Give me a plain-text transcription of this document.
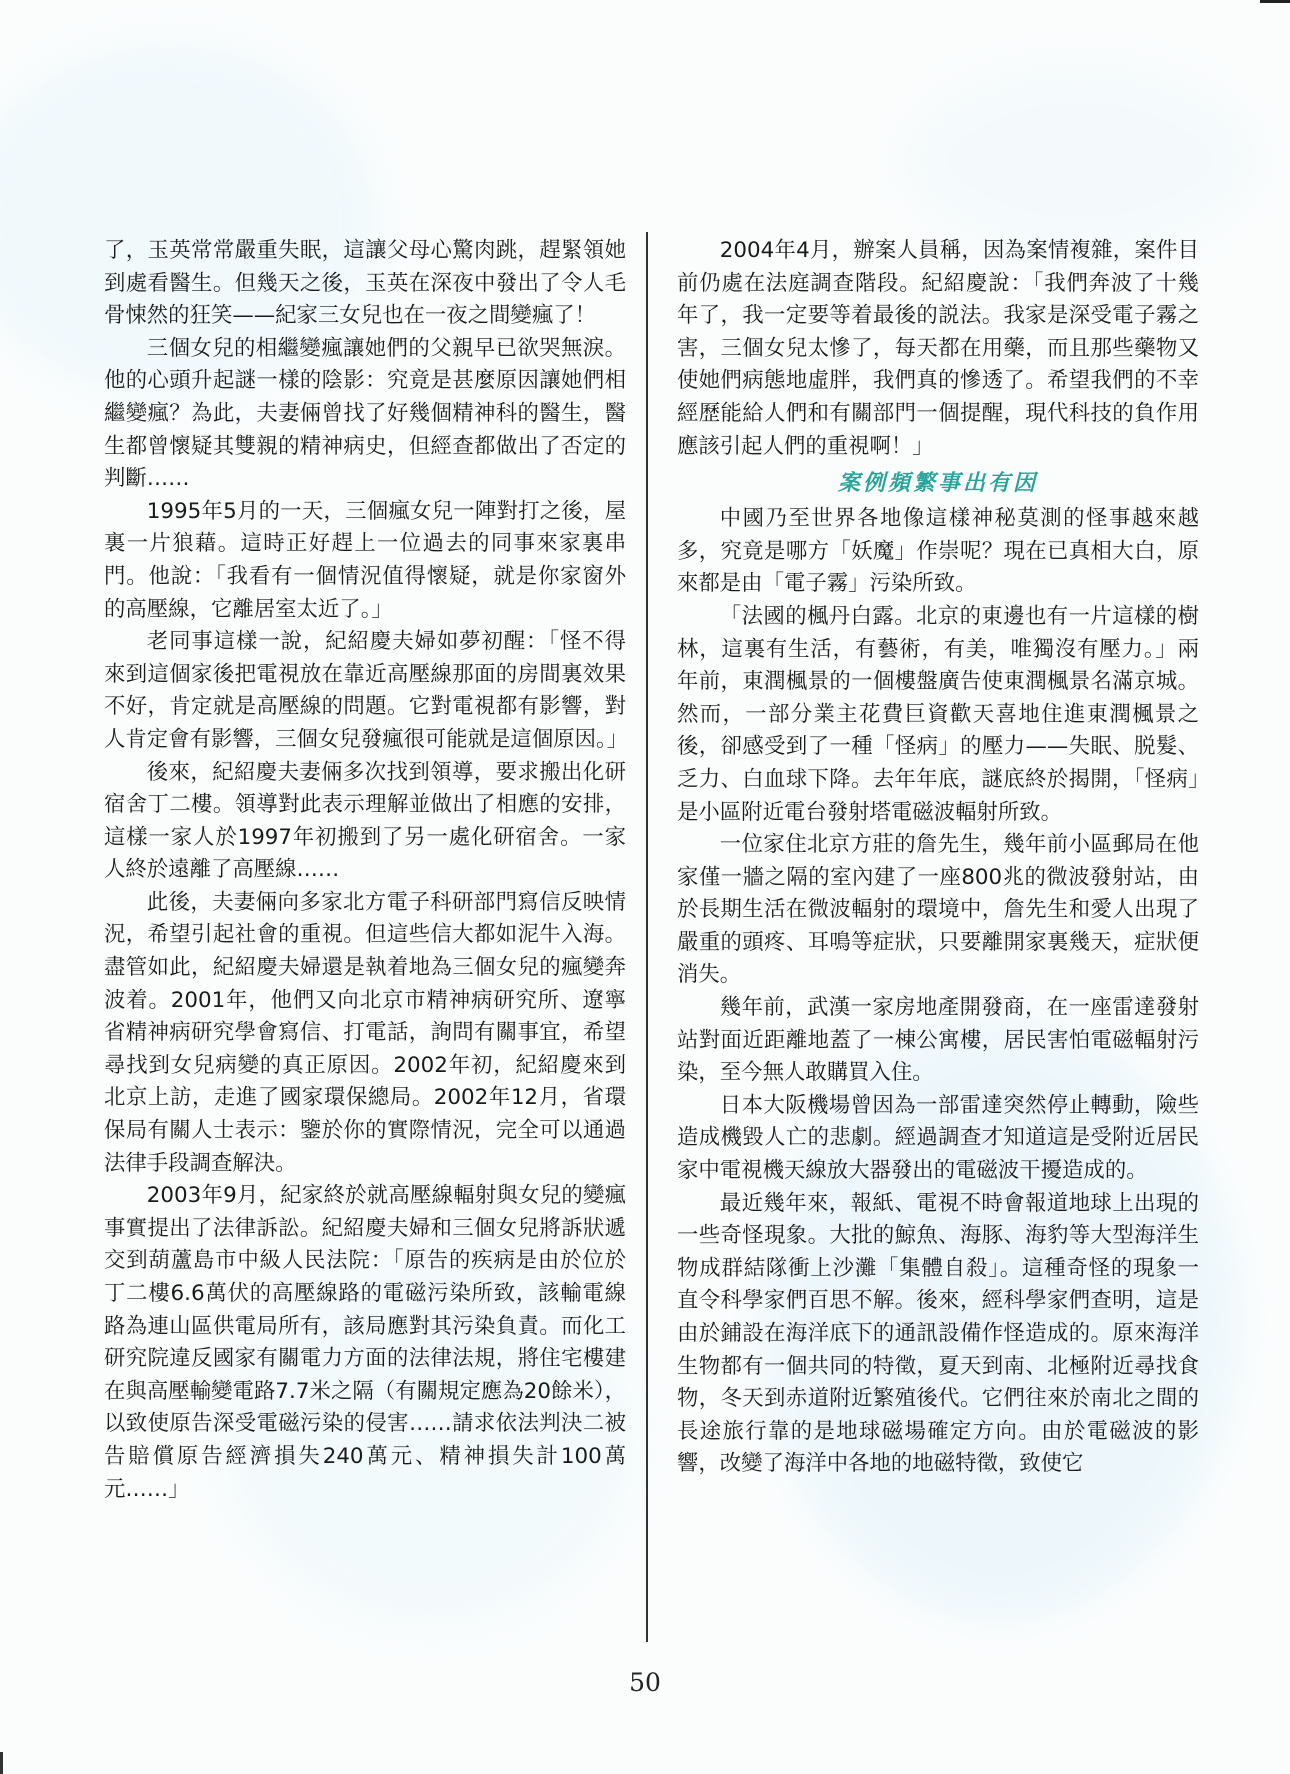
了，玉英常常嚴重失眠，這讓父母心驚肉跳，趕緊領她到處看醫生。但幾天之後，玉英在深夜中發出了令人毛骨悚然的狂笑——紀家三女兒也在一夜之間變瘋了！

三個女兒的相繼變瘋讓她們的父親早已欲哭無淚。他的心頭升起謎一樣的陰影：究竟是甚麼原因讓她們相繼變瘋？為此，夫妻倆曾找了好幾個精神科的醫生，醫生都曾懷疑其雙親的精神病史，但經查都做出了否定的判斷……

1995年5月的一天，三個瘋女兒一陣對打之後，屋裏一片狼藉。這時正好趕上一位過去的同事來家裏串門。他說：「我看有一個情況值得懷疑，就是你家窗外的高壓線，它離居室太近了。」

老同事這樣一說，紀紹慶夫婦如夢初醒：「怪不得來到這個家後把電視放在靠近高壓線那面的房間裏效果不好，肯定就是高壓線的問題。它對電視都有影響，對人肯定會有影響，三個女兒發瘋很可能就是這個原因。」

後來，紀紹慶夫妻倆多次找到領導，要求搬出化研宿舍丁二樓。領導對此表示理解並做出了相應的安排，這樣一家人於1997年初搬到了另一處化研宿舍。一家人終於遠離了高壓線……

此後，夫妻倆向多家北方電子科研部門寫信反映情況，希望引起社會的重視。但這些信大都如泥牛入海。盡管如此，紀紹慶夫婦還是執着地為三個女兒的瘋變奔波着。2001年，他們又向北京市精神病研究所、遼寧省精神病研究學會寫信、打電話，詢問有關事宜，希望尋找到女兒病變的真正原因。2002年初，紀紹慶來到北京上訪，走進了國家環保總局。2002年12月，省環保局有關人士表示：鑒於你的實際情況，完全可以通過法律手段調查解決。

2003年9月，紀家終於就高壓線輻射與女兒的變瘋事實提出了法律訴訟。紀紹慶夫婦和三個女兒將訴狀遞交到葫蘆島市中級人民法院：「原告的疾病是由於位於丁二樓6.6萬伏的高壓線路的電磁污染所致，該輸電線路為連山區供電局所有，該局應對其污染負責。而化工研究院違反國家有關電力方面的法律法規，將住宅樓建在與高壓輸變電路7.7米之隔（有關規定應為20餘米），以致使原告深受電磁污染的侵害……請求依法判決二被告賠償原告經濟損失240萬元、精神損失計100萬元……」

2004年4月，辦案人員稱，因為案情複雜，案件目前仍處在法庭調查階段。紀紹慶說：「我們奔波了十幾年了，我一定要等着最後的説法。我家是深受電子霧之害，三個女兒太慘了，每天都在用藥，而且那些藥物又使她們病態地虛胖，我們真的慘透了。希望我們的不幸經歷能給人們和有關部門一個提醒，現代科技的負作用應該引起人們的重視啊！」

案例頻繁事出有因

中國乃至世界各地像這樣神秘莫測的怪事越來越多，究竟是哪方「妖魔」作崇呢？現在已真相大白，原來都是由「電子霧」污染所致。

「法國的楓丹白露。北京的東邊也有一片這樣的樹林，這裏有生活，有藝術，有美，唯獨沒有壓力。」兩年前，東潤楓景的一個樓盤廣告使東潤楓景名滿京城。然而，一部分業主花費巨資歡天喜地住進東潤楓景之後，卻感受到了一種「怪病」的壓力——失眠、脱髮、乏力、白血球下降。去年年底，謎底終於揭開，「怪病」是小區附近電台發射塔電磁波輻射所致。

一位家住北京方莊的詹先生，幾年前小區郵局在他家僅一牆之隔的室內建了一座800兆的微波發射站，由於長期生活在微波輻射的環境中，詹先生和愛人出現了嚴重的頭疼、耳鳴等症狀，只要離開家裏幾天，症狀便消失。

幾年前，武漢一家房地產開發商，在一座雷達發射站對面近距離地蓋了一棟公寓樓，居民害怕電磁輻射污染，至今無人敢購買入住。

日本大阪機場曾因為一部雷達突然停止轉動，險些造成機毀人亡的悲劇。經過調查才知道這是受附近居民家中電視機天線放大器發出的電磁波干擾造成的。

最近幾年來，報紙、電視不時會報道地球上出現的一些奇怪現象。大批的鯨魚、海豚、海豹等大型海洋生物成群結隊衝上沙灘「集體自殺」。這種奇怪的現象一直令科學家們百思不解。後來，經科學家們查明，這是由於鋪設在海洋底下的通訊設備作怪造成的。原來海洋生物都有一個共同的特徵，夏天到南、北極附近尋找食物，冬天到赤道附近繁殖後代。它們往來於南北之間的長途旅行靠的是地球磁場確定方向。由於電磁波的影響，改變了海洋中各地的地磁特徵，致使它

50
